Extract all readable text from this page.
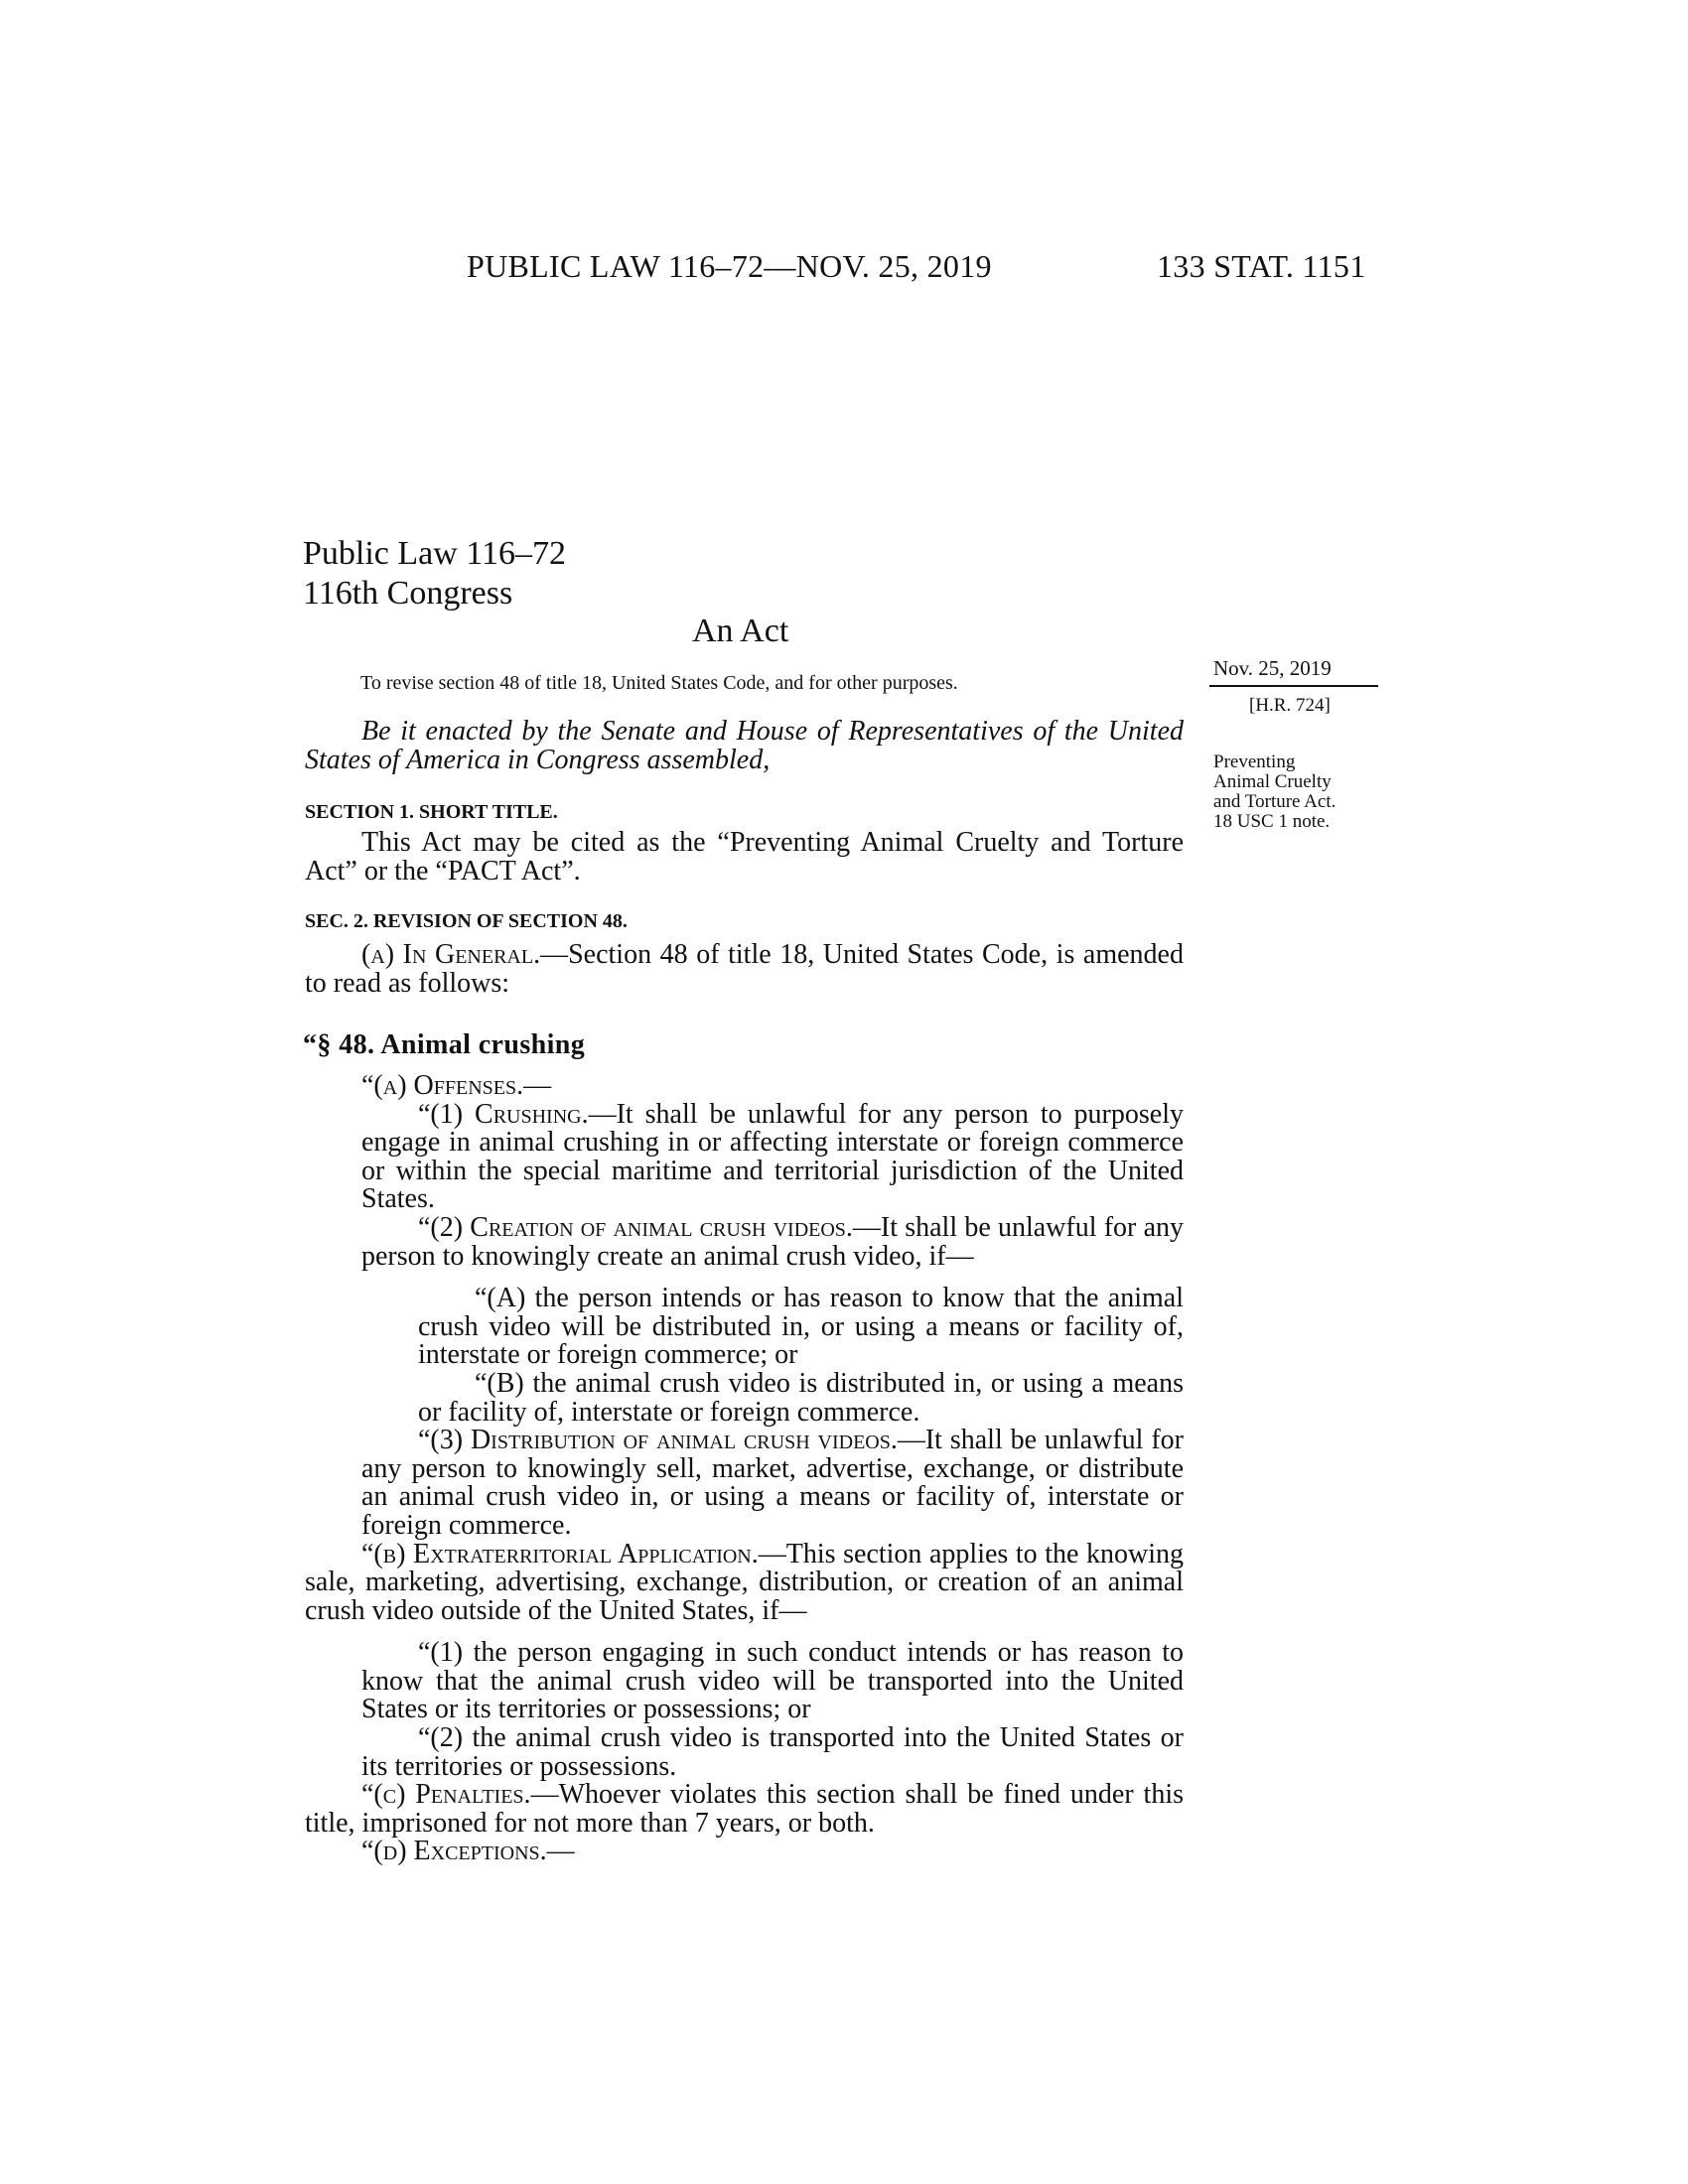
PUBLIC LAW 116–72—NOV. 25, 2019	133 STAT. 1151
Public Law 116–72
116th Congress
An Act
To revise section 48 of title 18, United States Code, and for other purposes.
Nov. 25, 2019
[H.R. 724]
Preventing
Animal Cruelty
and Torture Act.
18 USC 1 note.
Be it enacted by the Senate and House of Representatives of the United States of America in Congress assembled,
SECTION 1. SHORT TITLE.
This Act may be cited as the “Preventing Animal Cruelty and Torture Act” or the “PACT Act”.
SEC. 2. REVISION OF SECTION 48.
(a) In General.—Section 48 of title 18, United States Code, is amended to read as follows:
“§ 48. Animal crushing
“(a) Offenses.—
“(1) Crushing.—It shall be unlawful for any person to purposely engage in animal crushing in or affecting interstate or foreign commerce or within the special maritime and territorial jurisdiction of the United States.
“(2) Creation of animal crush videos.—It shall be unlawful for any person to knowingly create an animal crush video, if—
“(A) the person intends or has reason to know that the animal crush video will be distributed in, or using a means or facility of, interstate or foreign commerce; or
“(B) the animal crush video is distributed in, or using a means or facility of, interstate or foreign commerce.
“(3) Distribution of animal crush videos.—It shall be unlawful for any person to knowingly sell, market, advertise, exchange, or distribute an animal crush video in, or using a means or facility of, interstate or foreign commerce.
“(b) Extraterritorial Application.—This section applies to the knowing sale, marketing, advertising, exchange, distribution, or creation of an animal crush video outside of the United States, if—
“(1) the person engaging in such conduct intends or has reason to know that the animal crush video will be transported into the United States or its territories or possessions; or
“(2) the animal crush video is transported into the United States or its territories or possessions.
“(c) Penalties.—Whoever violates this section shall be fined under this title, imprisoned for not more than 7 years, or both.
“(d) Exceptions.—
